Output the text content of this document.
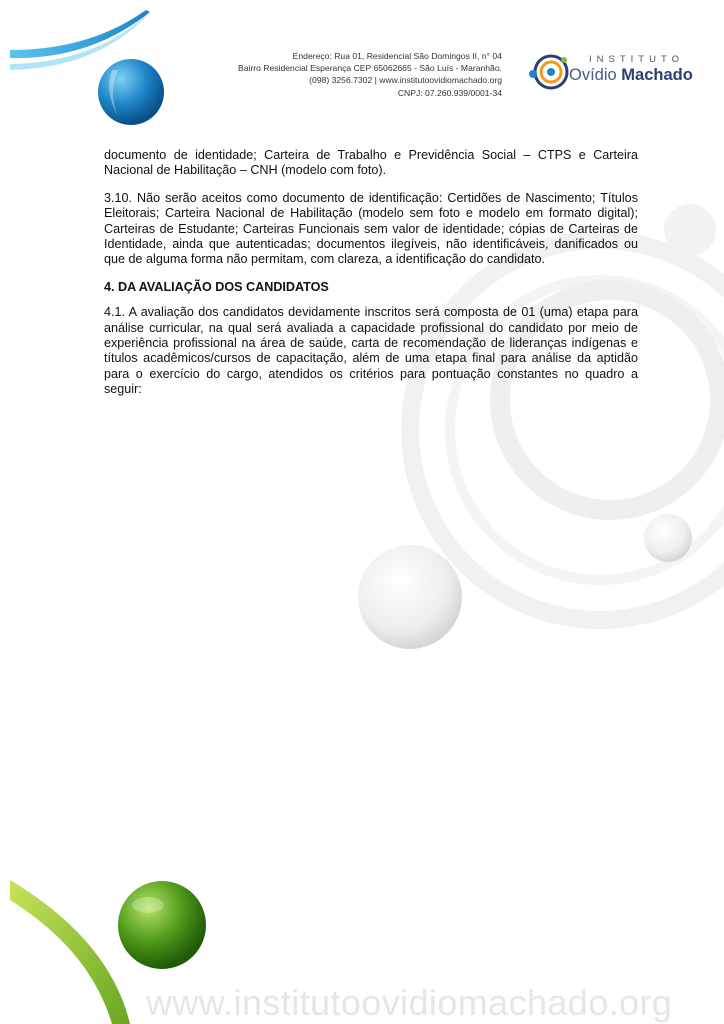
Endereço: Rua 01, Residencial São Domingos II, n° 04
Bairro Residencial Esperança CEP 65062665 - São Luís - Maranhão.
(098) 3256.7302 | www.institutoovidiomachado.org
CNPJ: 07.260.939/0001-34
INSTITUTO
Ovídio Machado

documento de identidade; Carteira de Trabalho e Previdência Social – CTPS e Carteira Nacional de Habilitação – CNH (modelo com foto).

3.10. Não serão aceitos como documento de identificação: Certidões de Nascimento; Títulos Eleitorais; Carteira Nacional de Habilitação (modelo sem foto e modelo em formato digital); Carteiras de Estudante; Carteiras Funcionais sem valor de identidade; cópias de Carteiras de Identidade, ainda que autenticadas; documentos ilegíveis, não identificáveis, danificados ou que de alguma forma não permitam, com clareza, a identificação do candidato.

4. DA AVALIAÇÃO DOS CANDIDATOS

4.1. A avaliação dos candidatos devidamente inscritos será composta de 01 (uma) etapa para análise curricular, na qual será avaliada a capacidade profissional do candidato por meio de experiência profissional na área de saúde, carta de recomendação de lideranças indígenas e títulos acadêmicos/cursos de capacitação, além de uma etapa final para análise da aptidão para o exercício do cargo, atendidos os critérios para pontuação constantes no quadro a seguir:

www.institutoovidiomachado.org
